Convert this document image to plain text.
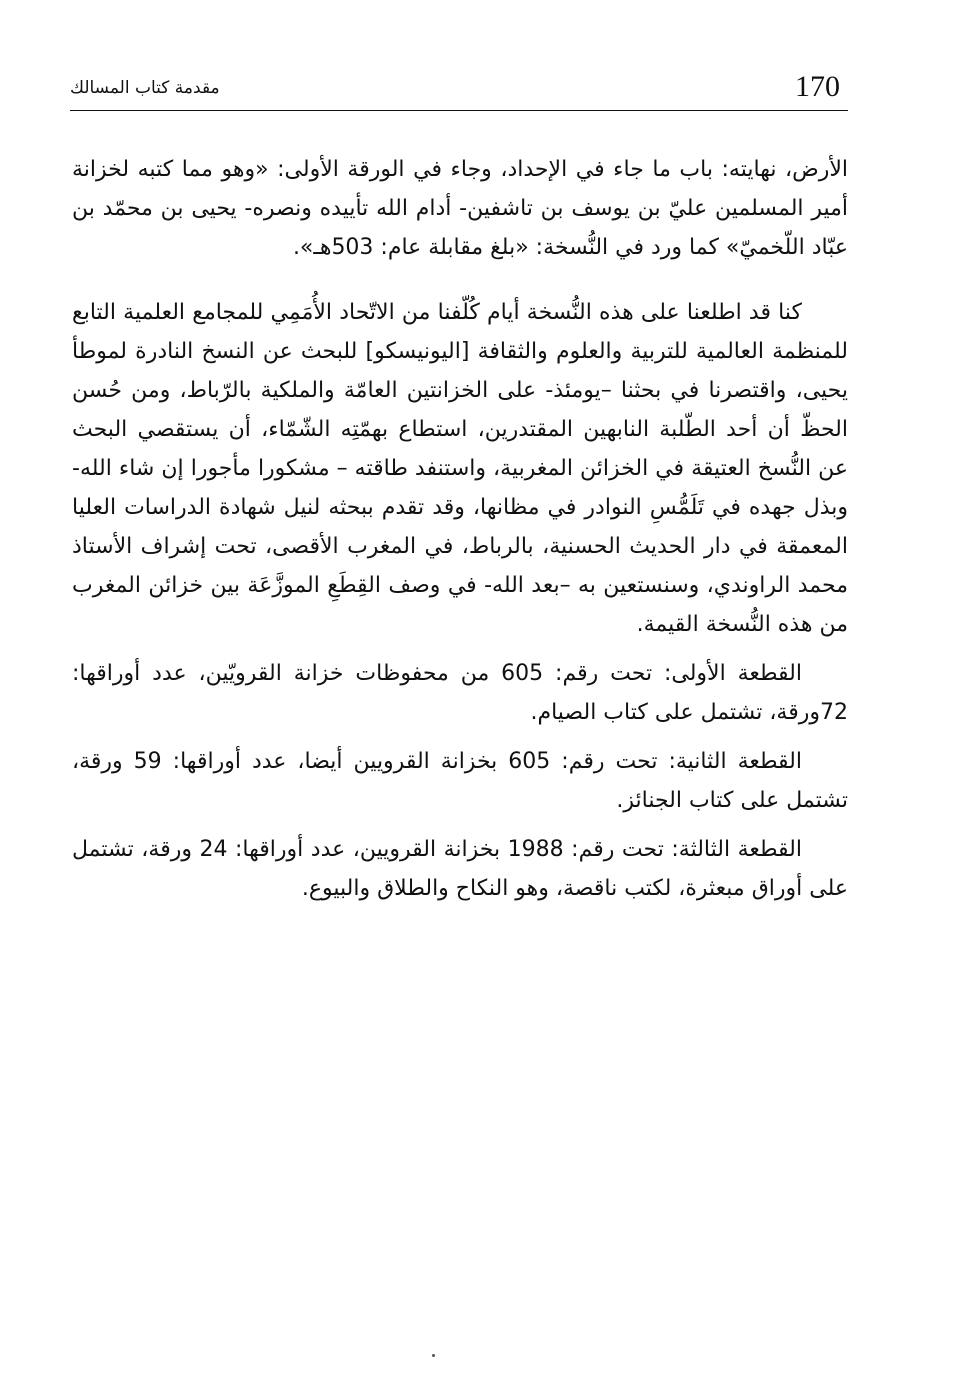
170
مقدمة كتاب المسالك

الأرض، نهايته: باب ما جاء في الإحداد، وجاء في الورقة الأولى: «وهو مما كتبه لخزانة أمير المسلمين عليّ بن يوسف بن تاشفين- أدام الله تأييده ونصره- يحيى بن محمّد بن عبّاد اللّخميّ» كما ورد في النُّسخة: «بلغ مقابلة عام: 503هـ».

كنا قد اطلعنا على هذه النُّسخة أيام كُلّفنا من الاتّحاد الأُمَمِي للمجامع العلمية التابع للمنظمة العالمية للتربية والعلوم والثقافة [اليونيسكو] للبحث عن النسخ النادرة لموطأ يحيى، واقتصرنا في بحثنا –يومئذ- على الخزانتين العامّة والملكية بالرّباط، ومن حُسن الحظّ أن أحد الطّلبة النابهين المقتدرين، استطاع بهمّتِه الشّمّاء، أن يستقصي البحث عن النُّسخ العتيقة في الخزائن المغربية، واستنفد طاقته – مشكورا مأجورا إن شاء الله- وبذل جهده في تَلَمُّسِ النوادر في مظانها، وقد تقدم ببحثه لنيل شهادة الدراسات العليا المعمقة في دار الحديث الحسنية، بالرباط، في المغرب الأقصى، تحت إشراف الأستاذ محمد الراوندي، وسنستعين به –بعد الله- في وصف القِطَعِ الموزَّعَة بين خزائن المغرب من هذه النُّسخة القيمة.

القطعة الأولى: تحت رقم: 605 من محفوظات خزانة القرويّين، عدد أوراقها: 72ورقة، تشتمل على كتاب الصيام.

القطعة الثانية: تحت رقم: 605 بخزانة القرويين أيضا، عدد أوراقها: 59 ورقة، تشتمل على كتاب الجنائز.

القطعة الثالثة: تحت رقم: 1988 بخزانة القرويين، عدد أوراقها: 24 ورقة، تشتمل على أوراق مبعثرة، لكتب ناقصة، وهو النكاح والطلاق والبيوع.
